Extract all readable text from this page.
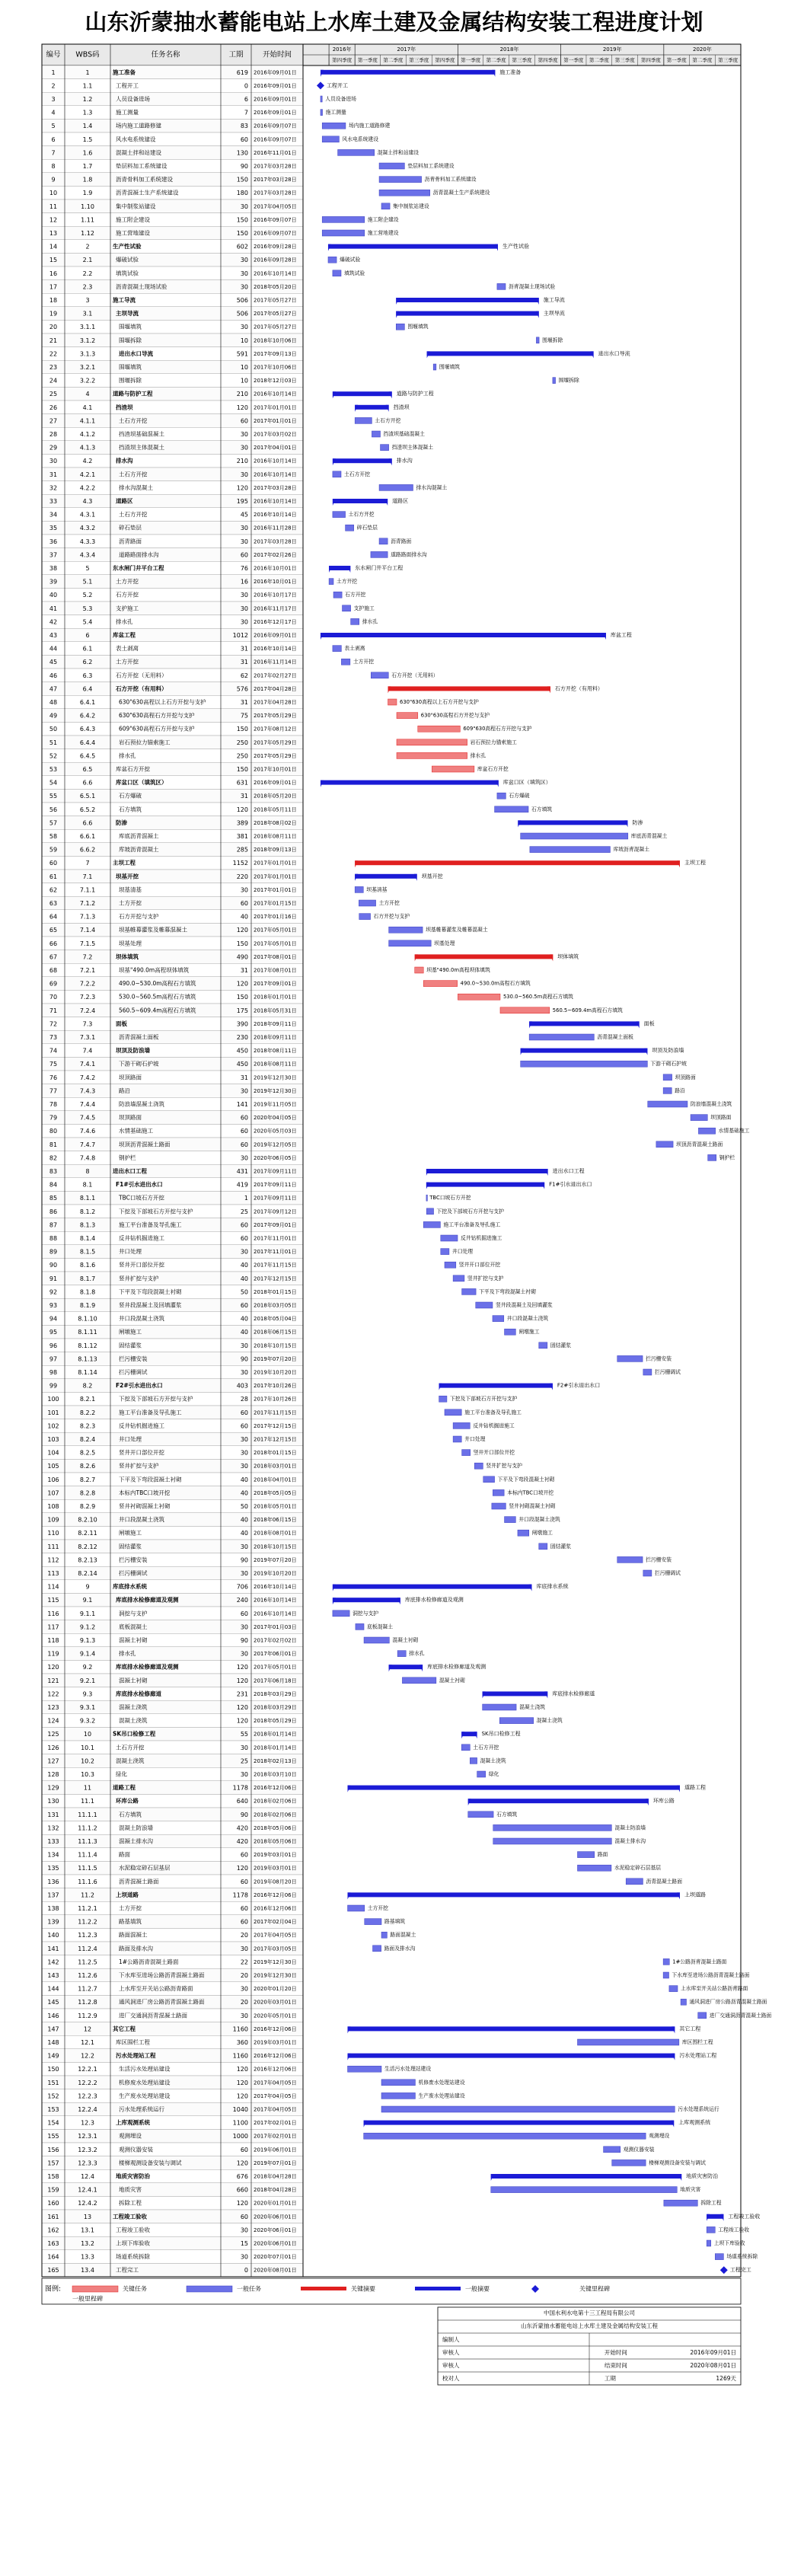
山东沂蒙抽水蓄能电站上水库土建及金属结构安装工程进度计划
编号 WBS码	任务名称	工期	开始时间
2016年
第四季度
2017年
第一季度 第二季度 第三季度 第四季度
2018年
第一季度 第二季度 第三季度 第四季度
2019年
第一季度 第二季度 第三季度 第四季度
2020年
第一季度 第二季度 第三季度
1	1	施工准备	619 2016年09月01日
2	1.1	工程开工	0 2016年09月01日
3	1.2	人员设备进场	6 2016年09月01日
4	1.3	施工测量	7 2016年09月01日
5	1.4	场内施工道路修建	83 2016年09月07日
6	1.5	风水电系统建设	60 2016年09月07日
7	1.6	混凝土拌和站建设	130 2016年11月01日
8	1.7	垫层料加工系统建设	90 2017年03月28日
9	1.8	沥青骨料加工系统建设	150 2017年03月28日
10	1.9	沥青混凝土生产系统建设	180 2017年03月28日
11	1.10	集中制浆站建设	30 2017年04月05日
12	1.11	施工附企建设	150 2016年09月07日
13	1.12	施工营地建设	150 2016年09月07日
14	2	生产性试验	602 2016年09月28日
15	2.1	爆破试验	30 2016年09月28日
16	2.2	填筑试验	30 2016年10月14日
17	2.3	沥青混凝土现场试验	30 2018年05月20日
18	3	施工导流	506 2017年05月27日
19	3.1	主坝导流	506 2017年05月27日
20	3.1.1	围堰填筑	30 2017年05月27日
21	3.1.2	围堰拆除	10 2018年10月06日
22	3.1.3	进出水口导流	591 2017年09月13日
23	3.2.1	围堰填筑	10 2017年10月06日
24	3.2.2	围堰拆除	10 2018年12月03日
25	4	道路与防护工程	210 2016年10月14日
26	4.1	挡渣坝	120 2017年01月01日
27	4.1.1	土石方开挖	60 2017年01月01日
28	4.1.2	挡渣坝基础混凝土	30 2017年03月02日
29	4.1.3	挡渣坝主体混凝土	30 2017年04月01日
30	4.2	排水沟	210 2016年10月14日
31	4.2.1	土石方开挖	30 2016年10月14日
32	4.2.2	排水沟混凝土	120 2017年03月28日
33	4.3	道路区	195 2016年10月14日
34	4.3.1	土石方开挖	45 2016年10月14日
35	4.3.2	碎石垫层	30 2016年11月28日
36	4.3.3	沥青路面	30 2017年03月28日
37	4.3.4	道路路面排水沟	60 2017年02月26日
38	5	东水闸门井平台工程	76 2016年10月01日
39	5.1	土方开挖	16 2016年10月01日
40	5.2	石方开挖	30 2016年10月17日
41	5.3	支护施工	30 2016年11月17日
42	5.4	排水孔	30 2016年12月17日
43	6	库盆工程	1012 2016年09月01日
44	6.1	表土剥离	31 2016年10月14日
45	6.2	土方开挖	31 2016年11月14日
46	6.3	石方开挖（无用料）	62 2017年02月27日
47	6.4	石方开挖（有用料）	576 2017年04月28日
48	6.4.1	630"630高程以上石方开挖与支护	31 2017年04月28日
49	6.4.2	630"630高程石方开挖与支护	75 2017年05月29日
50	6.4.3	609"630高程石方开挖与支护	150 2017年08月12日
51	6.4.4	岩石预拉力锚索施工	250 2017年05月29日
52	6.4.5	排水孔	250 2017年05月29日
53	6.5	库盆石方开挖	150 2017年10月01日
54	6.6	库盆口区（填筑区）	631 2016年09月01日
55	6.5.1	石方爆破	31 2018年05月20日
56	6.5.2	石方填筑	120 2018年05月11日
57	6.6	防渗	389 2018年08月02日
58	6.6.1	库底沥青混凝土	381 2018年08月11日
59	6.6.2	库坡沥青混凝土	285 2018年09月13日
60	7	主坝工程	1152 2017年01月01日
61	7.1	坝基开挖	220 2017年01月01日
62	7.1.1	坝基清基	30 2017年01月01日
63	7.1.2	土方开挖	60 2017年01月15日
64	7.1.3	石方开挖与支护	40 2017年01月16日
65	7.1.4	坝基帷幕灌浆及帷幕混凝土	120 2017年05月01日
66	7.1.5	坝基处理	150 2017年05月01日
67	7.2	坝体填筑	490 2017年08月01日
68	7.2.1	坝基"490.0m高程坝体填筑	31 2017年08月01日
69	7.2.2	490.0~530.0m高程石方填筑	120 2017年09月01日
70	7.2.3	530.0~560.5m高程石方填筑	150 2018年01月01日
71	7.2.4	560.5~609.4m高程石方填筑	175 2018年05月31日
72	7.3	面板	390 2018年09月11日
73	7.3.1	沥青混凝土面板	230 2018年09月11日
74	7.4	坝顶及防浪墙	450 2018年08月11日
75	7.4.1	下游干砌石护坡	450 2018年08月11日
76	7.4.2	坝顶路面	31 2019年12月30日
77	7.4.3	路沿	30 2019年12月30日
78	7.4.4	防浪墙混凝土浇筑	141 2019年11月05日
79	7.4.5	坝顶路面	60 2020年04月05日
80	7.4.6	水情基础施工	60 2020年05月03日
81	7.4.7	坝顶沥青混凝土路面	60 2019年12月05日
82	7.4.8	钢护栏	30 2020年06月05日
83	8	进出水口工程	431 2017年09月11日
84	8.1	F1#引水进出水口	419 2017年09月11日
85	8.1.1	TBC口坡石方开挖	1 2017年09月11日
86	8.1.2	下挖及下部坡石方开挖与支护	25 2017年09月12日
87	8.1.3	施工平台准备及导孔施工	60 2017年09月01日
88	8.1.4	反井钻机掘进施工	60 2017年11月01日
89	8.1.5	井口处理	30 2017年11月01日
90	8.1.6	竖井开口部位开挖	40 2017年11月15日
91	8.1.7	竖井扩挖与支护	40 2017年12月15日
92	8.1.8	下平及下弯段混凝土衬砌	50 2018年01月15日
93	8.1.9	竖井段混凝土及回填灌浆	60 2018年03月05日
94	8.1.10	井口段混凝土浇筑	40 2018年05月04日
95	8.1.11	闸墩施工	40 2018年06月15日
96	8.1.12	固结灌浆	30 2018年10月15日
97	8.1.13	拦污栅安装	90 2019年07月20日
98	8.1.14	拦污栅调试	30 2019年10月20日
99	8.2	F2#引水进出水口	403 2017年10月26日
100	8.2.1	下挖及下部坡石方开挖与支护	28 2017年10月26日
101	8.2.2	施工平台准备及导孔施工	60 2017年11月15日
102	8.2.3	反井钻机掘进施工	60 2017年12月15日
103	8.2.4	井口处理	30 2017年12月15日
104	8.2.5	竖井开口部位开挖	30 2018年01月15日
105	8.2.6	竖井扩挖与支护	30 2018年03月01日
106	8.2.7	下平及下弯段混凝土衬砌	40 2018年04月01日
107	8.2.8	本标内TBC口坡开挖	40 2018年05月05日
108	8.2.9	竖井衬砌混凝土衬砌	50 2018年05月01日
109	8.2.10	井口段混凝土浇筑	40 2018年06月15日
110	8.2.11	闸墩施工	40 2018年08月01日
111	8.2.12	固结灌浆	30 2018年10月15日
112	8.2.13	拦污栅安装	90 2019年07月20日
113	8.2.14	拦污栅调试	30 2019年10月20日
114	9	库底排水系统	706 2016年10月14日
115	9.1	库底排水检修廊道及观测	240 2016年10月14日
116	9.1.1	洞挖与支护	60 2016年10月14日
117	9.1.2	底板混凝土	30 2017年01月03日
118	9.1.3	混凝土衬砌	90 2017年02月02日
119	9.1.4	排水孔	30 2017年06月01日
120	9.2	库底排水检修廊道及观测	120 2017年05月01日
121	9.2.1	混凝土衬砌	120 2017年06月18日
122	9.3	库底排水检修廊道	231 2018年03月29日
123	9.3.1	混凝土浇筑	120 2018年03月29日
124	9.3.2	混凝土浇筑	120 2018年05月29日
125	10	SK吊口检修工程	55 2018年01月14日
126	10.1	土石方开挖	30 2018年01月14日
127	10.2	混凝土浇筑	25 2018年02月13日
128	10.3	绿化	30 2018年03月10日
129	11	道路工程	1178 2016年12月06日
130	11.1	环库公路	640 2018年02月06日
131	11.1.1	石方填筑	90 2018年02月06日
132	11.1.2	混凝土防浪墙	420 2018年05月06日
133	11.1.3	混凝土排水沟	420 2018年05月06日
134	11.1.4	路面	60 2019年03月01日
135	11.1.5	水泥稳定碎石层基层	120 2019年03月01日
136	11.1.6	沥青混凝土路面	60 2019年08月20日
137	11.2	上坝道路	1178 2016年12月06日
138	11.2.1	土方开挖	60 2016年12月06日
139	11.2.2	路基填筑	60 2017年02月04日
140	11.2.3	路面混凝土	20 2017年04月05日
141	11.2.4	路面及排水沟	30 2017年03月05日
142	11.2.5	1#公路沥青混凝土路面	22 2019年12月30日
143	11.2.6	下水库至进场公路沥青混凝土路面	20 2019年12月30日
144	11.2.7	上水库至开关站公路沥青路面	30 2020年01月20日
145	11.2.8	通风洞进厂房公路沥青混凝土路面	20 2020年03月01日
146	11.2.9	进厂交通洞沥青混凝土路面	30 2020年05月01日
147	12	其它工程	1160 2016年12月06日
148	12.1	库区围栏工程	360 2019年03月01日
149	12.2	污水处理站工程	1160 2016年12月06日
150	12.2.1	生活污水处理站建设	120 2016年12月06日
151	12.2.2	机修废水处理站建设	120 2017年04月05日
152	12.2.3	生产废水处理站建设	120 2017年04月05日
153	12.2.4	污水处理系统运行	1040 2017年04月05日
154	12.3	上库观测系统	1100 2017年02月01日
155	12.3.1	观测埋设	1000 2017年02月01日
156	12.3.2	观测仪器安装	60 2019年06月01日
157	12.3.3	楼梯观测设备安装与调试	120 2019年07月01日
158	12.4	地质灾害防治	676 2018年04月28日
159	12.4.1	地质灾害	660 2018年04月28日
160	12.4.2	拆除工程	120 2020年01月01日
161	13	工程竣工验收	60 2020年06月01日
162	13.1	工程竣工验收	30 2020年06月01日
163	13.2	上坝下库验收	15 2020年06月01日
164	13.3	场道系统拆除	30 2020年07月01日
165	13.4	工程完工	0 2020年08月01日
施工准备
工程开工
人员设备进场
施工测量
场内施工道路修建
风水电系统建设
混凝土拌和站建设
垫层料加工系统建设
沥青骨料加工系统建设
沥青混凝土生产系统建设
集中制浆站建设
施工附企建设
施工营地建设
生产性试验
爆破试验
填筑试验
沥青混凝土现场试验
施工导流
主坝导流
围堰填筑
围堰拆除
进出水口导流
围堰填筑
围堰拆除
道路与防护工程
挡渣坝
土石方开挖
挡渣坝基础混凝土
挡渣坝主体混凝土
排水沟
土石方开挖
排水沟混凝土
道路区
土石方开挖
碎石垫层
沥青路面
道路路面排水沟
东水闸门井平台工程
土方开挖
石方开挖
支护施工
排水孔
库盆工程
表土剥离
土方开挖
石方开挖（无用料）
石方开挖（有用料）
630"630高程以上石方开挖与支护
630"630高程石方开挖与支护
609"630高程石方开挖与支护
岩石预拉力锚索施工
排水孔
库盆石方开挖
库盆口区（填筑区）
石方爆破
石方填筑
防渗
库底沥青混凝土
库坡沥青混凝土
主坝工程
坝基开挖
坝基清基
土方开挖
石方开挖与支护
坝基帷幕灌浆及帷幕混凝土
坝基处理
坝体填筑
坝基"490.0m高程坝体填筑
490.0~530.0m高程石方填筑
530.0~560.5m高程石方填筑
560.5~609.4m高程石方填筑
面板
沥青混凝土面板
坝顶及防浪墙
下游干砌石护坡
坝顶路面
路沿
防浪墙混凝土浇筑
坝顶路面
水情基础施工
坝顶沥青混凝土路面
钢护栏
进出水口工程
F1#引水进出水口
TBC口坡石方开挖
下挖及下部坡石方开挖与支护
施工平台准备及导孔施工
反井钻机掘进施工
井口处理
竖井开口部位开挖
竖井扩挖与支护
下平及下弯段混凝土衬砌
竖井段混凝土及回填灌浆
井口段混凝土浇筑
闸墩施工
固结灌浆
拦污栅安装
拦污栅调试
F2#引水进出水口
下挖及下部坡石方开挖与支护
施工平台准备及导孔施工
反井钻机掘进施工
井口处理
竖井开口部位开挖
竖井扩挖与支护
下平及下弯段混凝土衬砌
本标内TBC口坡开挖
竖井衬砌混凝土衬砌
井口段混凝土浇筑
闸墩施工
固结灌浆
拦污栅安装
拦污栅调试
库底排水系统
库底排水检修廊道及观测
洞挖与支护
底板混凝土
混凝土衬砌
排水孔
库底排水检修廊道及观测
混凝土衬砌
库底排水检修廊道
混凝土浇筑
混凝土浇筑
SK吊口检修工程
土石方开挖
混凝土浇筑
绿化
道路工程
环库公路
石方填筑
混凝土防浪墙
混凝土排水沟
路面
水泥稳定碎石层基层
沥青混凝土路面
上坝道路
土方开挖
路基填筑
路面混凝土
路面及排水沟
1#公路沥青混凝土路面
下水库至进场公路沥青混凝土路面
上水库至开关站公路沥青路面
通风洞进厂房公路沥青混凝土路面
进厂交通洞沥青混凝土路面
其它工程
库区围栏工程
污水处理站工程
生活污水处理站建设
机修废水处理站建设
生产废水处理站建设
污水处理系统运行
上库观测系统
观测埋设
观测仪器安装
楼梯观测设备安装与调试
地质灾害防治
地质灾害
拆除工程
工程竣工验收
工程竣工验收
上坝下库验收
场道系统拆除
工程完工
图例:	关键任务	一般任务	关键摘要	一般摘要	关键里程碑
一般里程碑
中国水利水电第十三工程局有限公司
山东沂蒙抽水蓄能电站上水库土建及金属结构安装工程
编制人
审核人	开始时间	2016年09月01日
审核人	结束时间	2020年08月01日
校对人	工期	1269天
